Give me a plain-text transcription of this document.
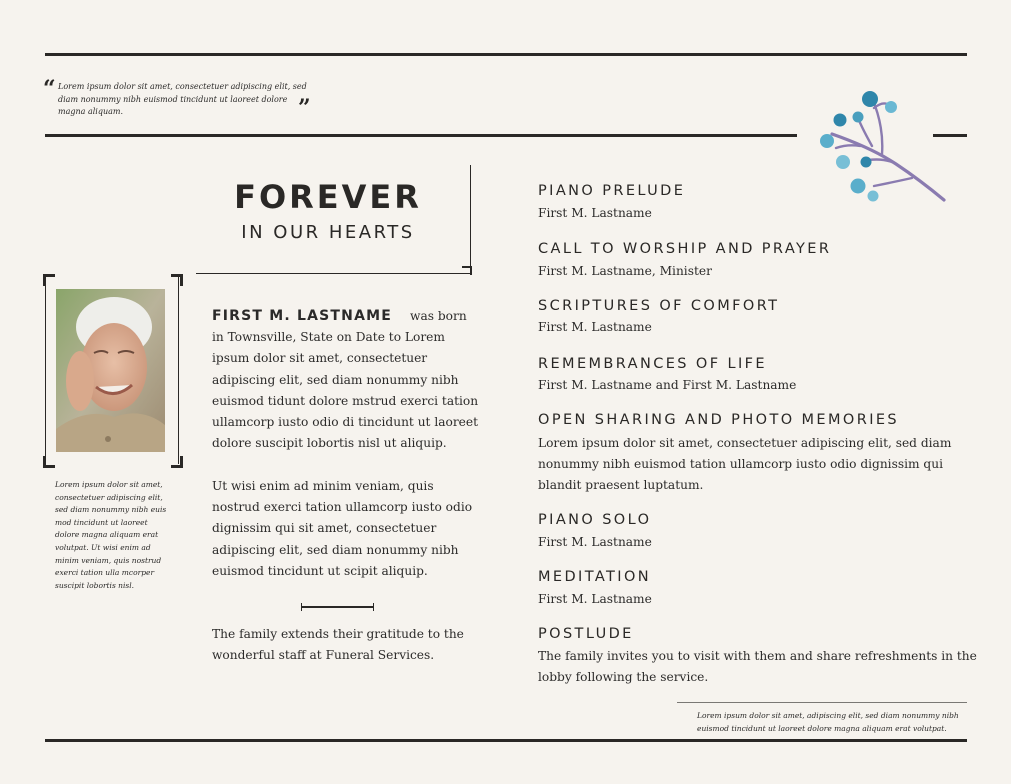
“ Lorem ipsum dolor sit amet, consectetuer adipiscing elit, sed diam nonummy nibh euismod tincidunt ut laoreet dolore magna aliquam.	”
FOREVER
IN OUR HEARTS
Lorem ipsum dolor sit amet, consectetuer adipiscing elit, sed diam nonummy nibh euis mod tincidunt ut laoreet dolore magna aliquam erat volutpat. Ut wisi enim ad minim veniam, quis nostrud exerci tation ulla mcorper suscipit lobortis nisl.
FIRST M. LASTNAME was born in Townsville, State on Date to Lorem ipsum dolor sit amet, consectetuer adipiscing elit, sed diam nonummy nibh euismod tidunt dolore mstrud exerci tation ullamcorp iusto odio di tincidunt ut laoreet dolore suscipit lobortis nisl ut aliquip.
Ut wisi enim ad minim veniam, quis nostrud exerci tation ullamcorp iusto odio dignissim qui sit amet, consectetuer adipiscing elit, sed diam nonummy nibh euismod tincidunt ut scipit aliquip.
The family extends their gratitude to the wonderful staff at Funeral Services.
PIANO PRELUDE
First M. Lastname
CALL TO WORSHIP AND PRAYER
First M. Lastname, Minister
SCRIPTURES OF COMFORT
First M. Lastname
REMEMBRANCES OF LIFE
First M. Lastname and First M. Lastname
OPEN SHARING AND PHOTO MEMORIES
Lorem ipsum dolor sit amet, consectetuer adipiscing elit, sed diam nonummy nibh euismod tation ullamcorp iusto odio dignissim qui blandit praesent luptatum.
PIANO SOLO
First M. Lastname
MEDITATION
First M. Lastname
POSTLUDE
The family invites you to visit with them and share refreshments in the lobby following the service.
Lorem ipsum dolor sit amet, adipiscing elit, sed diam nonummy nibh euismod tincidunt ut laoreet dolore magna aliquam erat volutpat.
